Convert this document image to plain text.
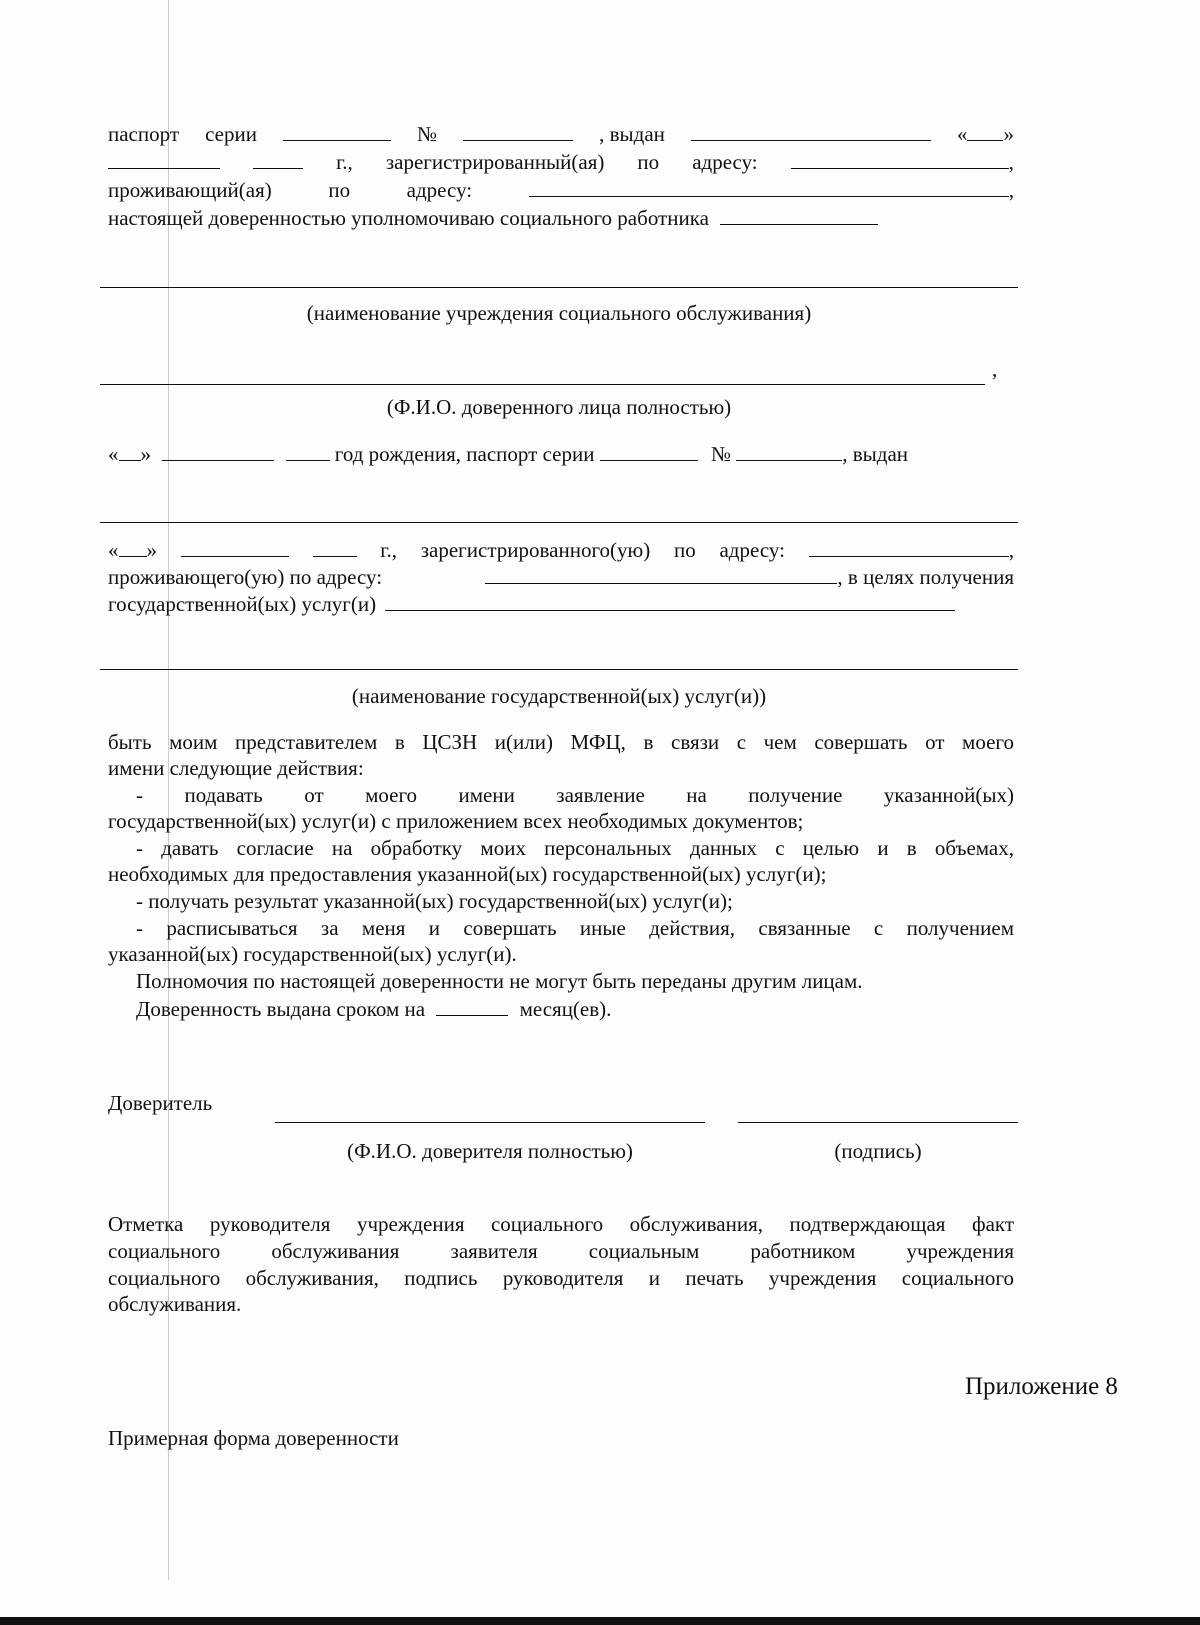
паспорт серии	№	, выдан	« »
г., зарегистрированный(ая) по адресу:	,
проживающий(ая)	по	адресу:	,
настоящей доверенностью уполномочиваю социального работника
(наименование учреждения социального обслуживания)
,
(Ф.И.О. доверенного лица полностью)
« »	год рождения, паспорт серии	№	, выдан
« »	г., зарегистрированного(ую) по адресу:	,
проживающего(ую) по адресу:	, в целях получения
государственной(ых) услуг(и)
(наименование государственной(ых) услуг(и))
быть моим представителем в ЦСЗН и(или) МФЦ, в связи с чем совершать от моего
имени следующие действия:
- подавать от моего имени заявление на получение указанной(ых)
государственной(ых) услуг(и) с приложением всех необходимых документов;
- давать согласие на обработку моих персональных данных с целью и в объемах,
необходимых для предоставления указанной(ых) государственной(ых) услуг(и);
- получать результат указанной(ых) государственной(ых) услуг(и);
- расписываться за меня и совершать иные действия, связанные с получением
указанной(ых) государственной(ых) услуг(и).
Полномочия по настоящей доверенности не могут быть переданы другим лицам.
Доверенность выдана сроком на	месяц(ев).
Доверитель
(Ф.И.О. доверителя полностью)	(подпись)
Отметка руководителя учреждения социального обслуживания, подтверждающая факт
социального обслуживания заявителя социальным работником учреждения
социального обслуживания, подпись руководителя и печать учреждения социального
обслуживания.
Приложение 8
Примерная форма доверенности
